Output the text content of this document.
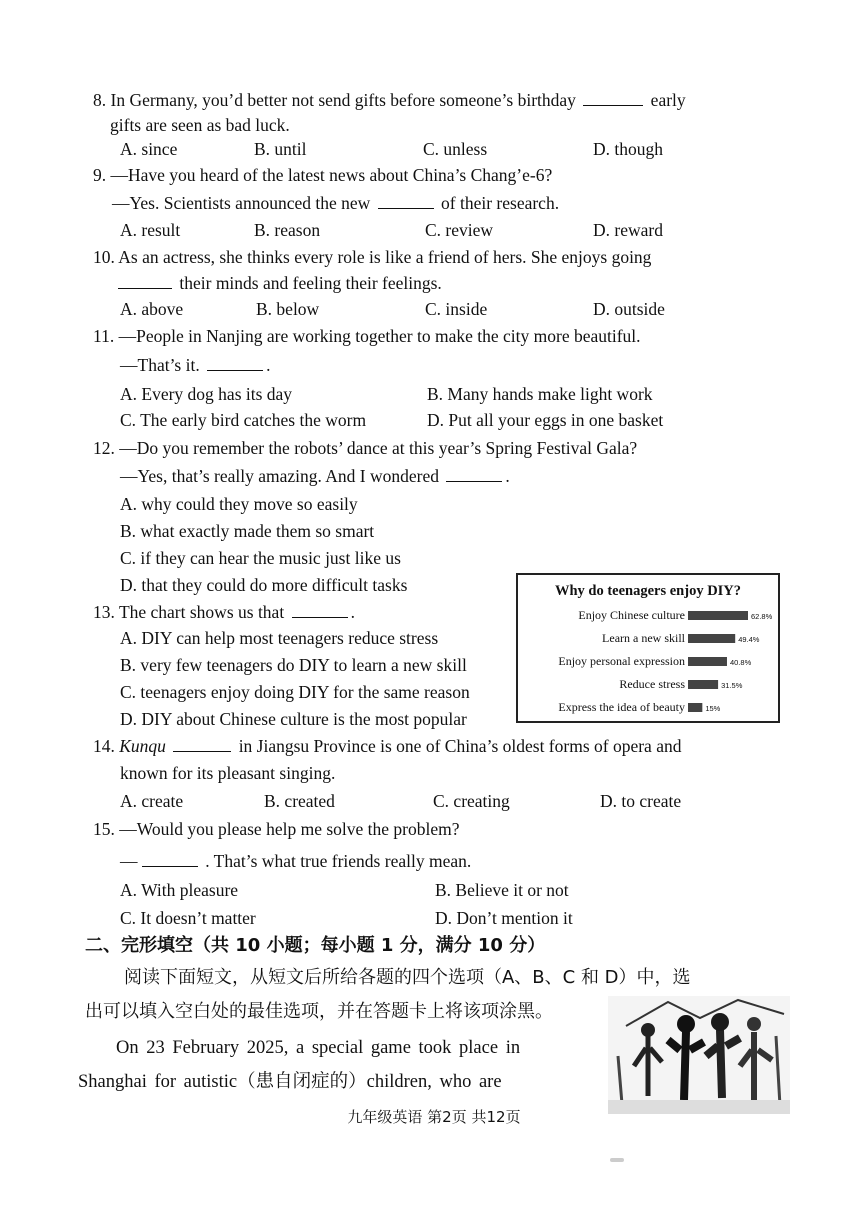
8. In Germany, you’d better not send gifts before someone’s birthday	early
gifts are seen as bad luck.
A. since	B. until	C. unless	D. though
9. —Have you heard of the latest news about China’s Chang’e-6?
—Yes. Scientists announced the new	of their research.
A. result	B. reason	C. review	D. reward
10. As an actress, she thinks every role is like a friend of hers. She enjoys going
their minds and feeling their feelings.
A. above	B. below	C. inside	D. outside
11. —People in Nanjing are working together to make the city more beautiful.
—That’s it.	.
A. Every dog has its day	B. Many hands make light work
C. The early bird catches the worm	D. Put all your eggs in one basket
12. —Do you remember the robots’ dance at this year’s Spring Festival Gala?
—Yes, that’s really amazing. And I wondered	.
A. why could they move so easily
B. what exactly made them so smart
C. if they can hear the music just like us
D. that they could do more difficult tasks
13. The chart shows us that	.
A. DIY can help most teenagers reduce stress
B. very few teenagers do DIY to learn a new skill
C. teenagers enjoy doing DIY for the same reason
D. DIY about Chinese culture is the most popular
Why do teenagers enjoy DIY?
Enjoy Chinese culture	62.8%
Learn a new skill	49.4%
Enjoy personal expression	40.8%
Reduce stress	31.5%
Express the idea of beauty	15%
14. Kunqu	in Jiangsu Province is one of China’s oldest forms of opera and
known for its pleasant singing.
A. create	B. created	C. creating	D. to create
15. —Would you please help me solve the problem?
—	. That’s what true friends really mean.
A. With pleasure	B. Believe it or not
C. It doesn’t matter	D. Don’t mention it
二、完形填空（共 10 小题；每小题 1 分，满分 10 分）
阅读下面短文，从短文后所给各题的四个选项（A、B、C 和 D）中，选
出可以填入空白处的最佳选项，并在答题卡上将该项涂黑。
On 23 February 2025, a special game took place in
Shanghai for autistic（患自闭症的）children, who are
九年级英语 第2页 共12页
